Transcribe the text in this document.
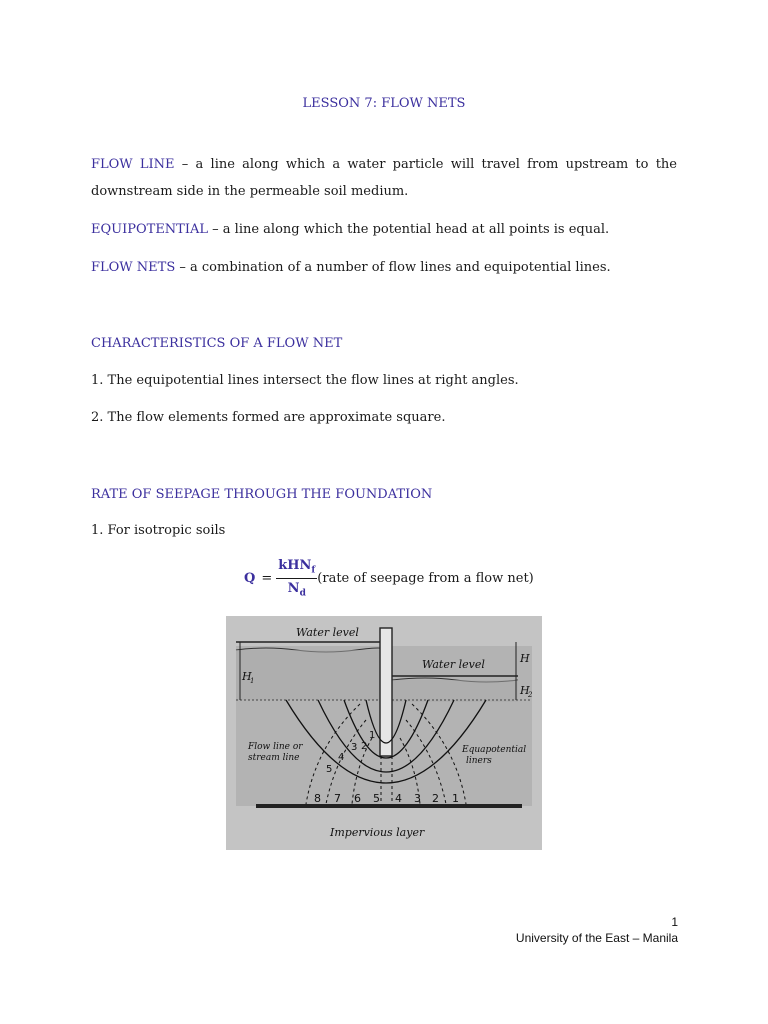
LESSON 7: FLOW NETS
FLOW LINE – a line along which a water particle will travel from upstream to the downstream side in the permeable soil medium.
EQUIPOTENTIAL – a line along which the potential head at all points is equal.
FLOW NETS – a combination of a number of flow lines and equipotential lines.
CHARACTERISTICS OF A FLOW NET
1. The equipotential lines intersect the flow lines at right angles.
2. The flow elements formed are approximate square.
RATE OF SEEPAGE THROUGH THE FOUNDATION
1. For isotropic soils
$Q = \frac{kHN_f}{N_d}$ (rate of seepage from a flow net)
Water level
Water level	H
H
1
H
2
Flow line or
stream line
Equapotential
liners
Impervious layer
8 7 6 5 4 3 2 1
1
2
3
4
5
1
University of the East – Manila
